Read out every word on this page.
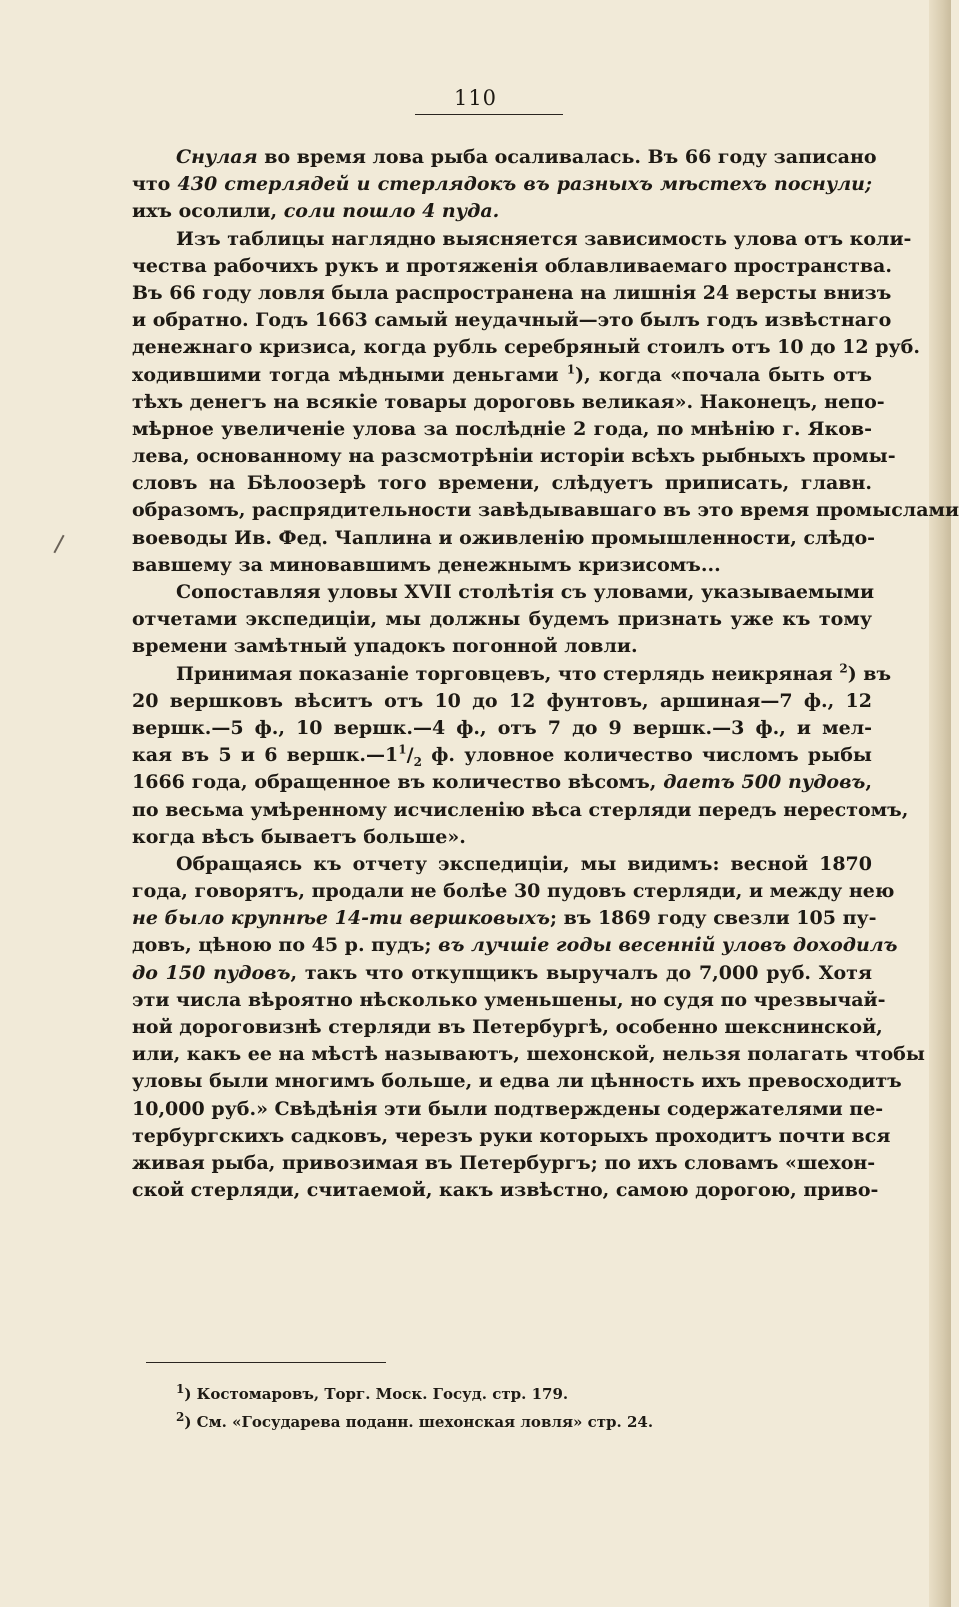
110
Снулая во время лова рыба осаливалась. Въ 66 году записано
что 430 стерлядей и стерлядокъ въ разныхъ мѣстехъ поснули;
ихъ осолили, соли пошло 4 пуда.
Изъ таблицы наглядно выясняется зависимость улова отъ коли-
чества рабочихъ рукъ и протяженія облавливаемаго пространства.
Въ 66 году ловля была распространена на лишнія 24 версты внизъ
и обратно. Годъ 1663 самый неудачный—это былъ годъ извѣстнаго
денежнаго кризиса, когда рубль серебряный стоилъ отъ 10 до 12 руб.
ходившими тогда мѣдными деньгами $^1$), когда «почала быть отъ
тѣхъ денегъ на всякіе товары дороговь великая». Наконецъ, непо-
мѣрное увеличеніе улова за послѣдніе 2 года, по мнѣнію г. Яков-
лева, основанному на разсмотрѣніи исторіи всѣхъ рыбныхъ промы-
словъ на Бѣлоозерѣ того времени, слѣдуетъ приписать, главн.
образомъ, распрядительности завѣдывавшаго въ это время промыслами
воеводы Ив. Фед. Чаплина и оживленію промышленности, слѣдо-
вавшему за миновавшимъ денежнымъ кризисомъ...
Сопоставляя уловы XVII столѣтія съ уловами, указываемыми
отчетами экспедиціи, мы должны будемъ признать уже къ тому
времени замѣтный упадокъ погонной ловли.
Принимая показаніе торговцевъ, что стерлядь неикряная $^2$) въ
20 вершковъ вѣситъ отъ 10 до 12 фунтовъ, аршиная—7 ф., 12
вершк.—5 ф., 10 вершк.—4 ф., отъ 7 до 9 вершк.—3 ф., и мел-
кая въ 5 и 6 $вершк.—1^1/_2$ ф. уловное количество числомъ рыбы
1666 года, обращенное въ количество вѣсомъ, даетъ 500 пудовъ,
по весьма умѣренному исчисленію вѣса стерляди передъ нерестомъ,
когда вѣсъ бываетъ больше».
Обращаясь къ отчету экспедиціи, мы видимъ: весной 1870
года, говорятъ, продали не болѣе 30 пудовъ стерляди, и между нею
не было крупнѣе 14-ти вершковыхъ; въ 1869 году свезли 105 пу-
довъ, цѣною по 45 р. пудъ; въ лучшіе годы весенній уловъ доходилъ
до 150 пудовъ, такъ что откупщикъ выручалъ до 7,000 руб. Хотя
эти числа вѣроятно нѣсколько уменьшены, но судя по чрезвычай-
ной дороговизнѣ стерляди въ Петербургѣ, особенно шекснинской,
или, какъ ее на мѣстѣ называютъ, шехонской, нельзя полагать чтобы
уловы были многимъ больше, и едва ли цѣнность ихъ превосходитъ
10,000 руб.» Свѣдѣнія эти были подтверждены содержателями пе-
тербургскихъ садковъ, черезъ руки которыхъ проходитъ почти вся
живая рыба, привозимая въ Петербургъ; по ихъ словамъ «шехон-
ской стерляди, считаемой, какъ извѣстно, самою дорогою, приво-
$^1$) Костомаровъ, Торг. Моск. Госуд. стр. 179.
$^2$) См. «Государева поданн. шехонская ловля» стр. 24.
